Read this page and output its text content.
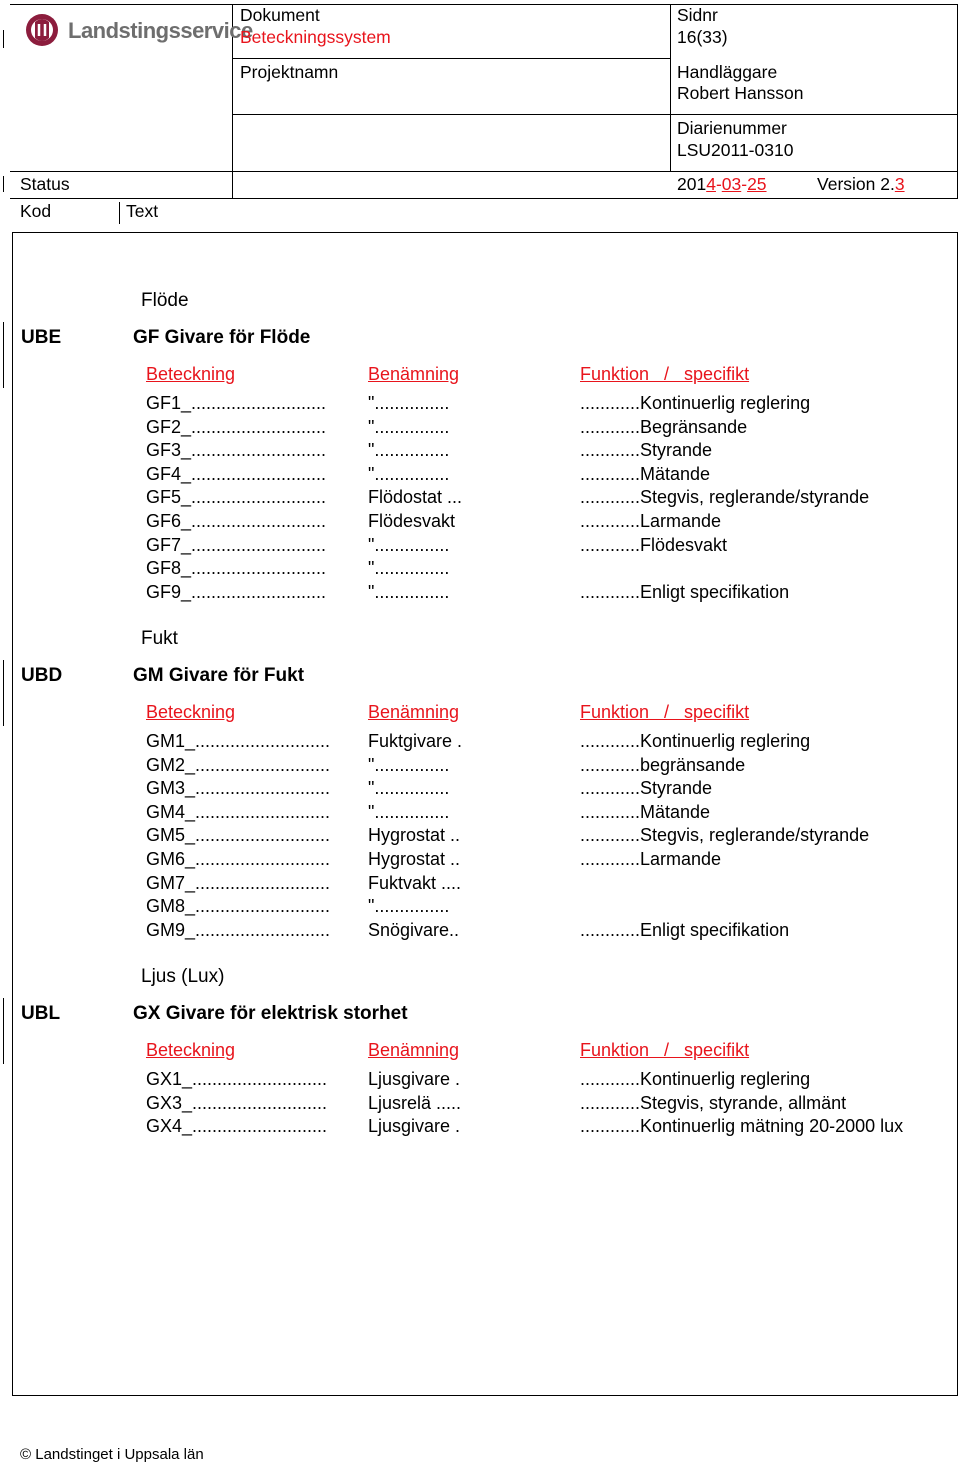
Landstingsservice
Dokument
Beteckningssystem
Sidnr
16(33)
Projektnamn	Handläggare
Robert Hansson
Diarienummer
LSU2011-0310
Status	2014-03-25	Version 2.3
Kod	Text
Flöde
UBE	GF Givare för Flöde
Beteckning	Benämning	Funktion   /   specifikt
GF1_........................... "...............	............Kontinuerlig reglering
GF2_........................... "...............	............Begränsande
GF3_........................... "...............	............Styrande
GF4_........................... "...............	............Mätande
GF5_........................... Flödostat ...	............Stegvis, reglerande/styrande
GF6_........................... Flödesvakt	............Larmande
GF7_........................... "...............	............Flödesvakt
GF8_........................... "...............
GF9_........................... "...............	............Enligt specifikation
Fukt
UBD	GM Givare för Fukt
Beteckning	Benämning	Funktion   /   specifikt
GM1_........................... Fuktgivare .	............Kontinuerlig reglering
GM2_........................... "...............	............begränsande
GM3_........................... "...............	............Styrande
GM4_........................... "...............	............Mätande
GM5_........................... Hygrostat ..	............Stegvis, reglerande/styrande
GM6_........................... Hygrostat ..	............Larmande
GM7_........................... Fuktvakt ....
GM8_........................... "...............
GM9_........................... Snögivare..	............Enligt specifikation
Ljus (Lux)
UBL	GX Givare för elektrisk storhet
Beteckning	Benämning	Funktion   /   specifikt
GX1_........................... Ljusgivare .	............Kontinuerlig reglering
GX3_........................... Ljusrelä .....	............Stegvis, styrande, allmänt
GX4_........................... Ljusgivare .	............Kontinuerlig mätning 20-2000 lux
© Landstinget i Uppsala län
